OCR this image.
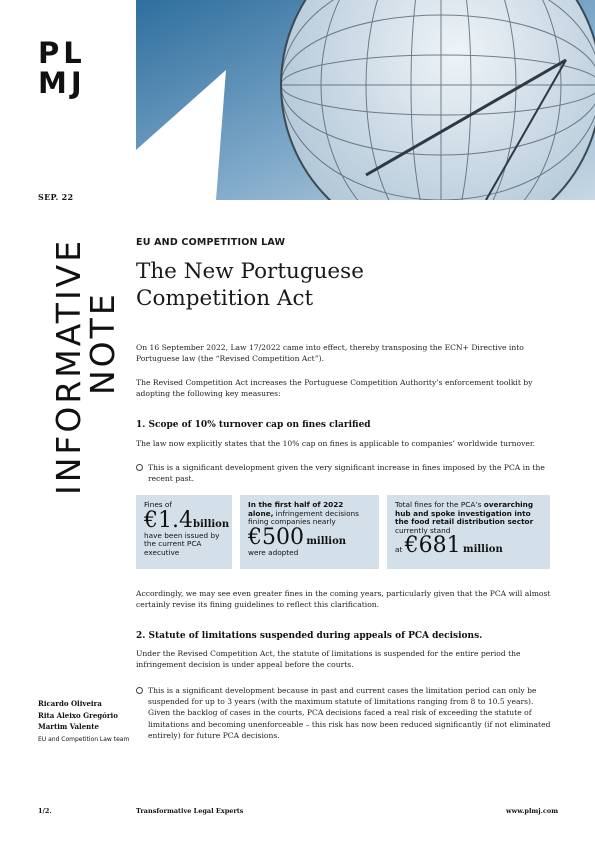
PL
MJ
SEP. 22
INFORMATIVE
NOTE
EU AND COMPETITION LAW
The New Portuguese Competition Act
On 16 September 2022, Law 17/2022 came into effect, thereby transposing the ECN+ Directive into Portuguese law (the “Revised Competition Act”).
The Revised Competition Act increases the Portuguese Competition Authority’s enforcement toolkit by adopting the following key measures:
1. Scope of 10% turnover cap on fines clarified
The law now explicitly states that the 10% cap on fines is applicable to companies’ worldwide turnover.
This is a significant development given the very significant increase in fines imposed by the PCA in the recent past.
Fines of
€1.4billion
have been issued by the current PCA executive
In the first half of 2022 alone, infringement decisions fining companies nearly
€500 million
were adopted
Total fines for the PCA’s overarching hub and spoke investigation into the food retail distribution sector currently stand
at €681 million
Accordingly, we may see even greater fines in the coming years, particularly given that the PCA will almost certainly revise its fining guidelines to reflect this clarification.
2. Statute of limitations suspended during appeals of PCA decisions.
Under the Revised Competition Act, the statute of limitations is suspended for the entire period the infringement decision is under appeal before the courts.
This is a significant development because in past and current cases the limitation period can only be suspended for up to 3 years (with the maximum statute of limitations ranging from 8 to 10.5 years). Given the backlog of cases in the courts, PCA decisions faced a real risk of exceeding the statute of limitations and becoming unenforceable – this risk has now been reduced significantly (if not eliminated entirely) for future PCA decisions.
Ricardo Oliveira
Rita Aleixo Gregório
Martim Valente
EU and Competition Law team
1/2.	Transformative Legal Experts	www.plmj.com
